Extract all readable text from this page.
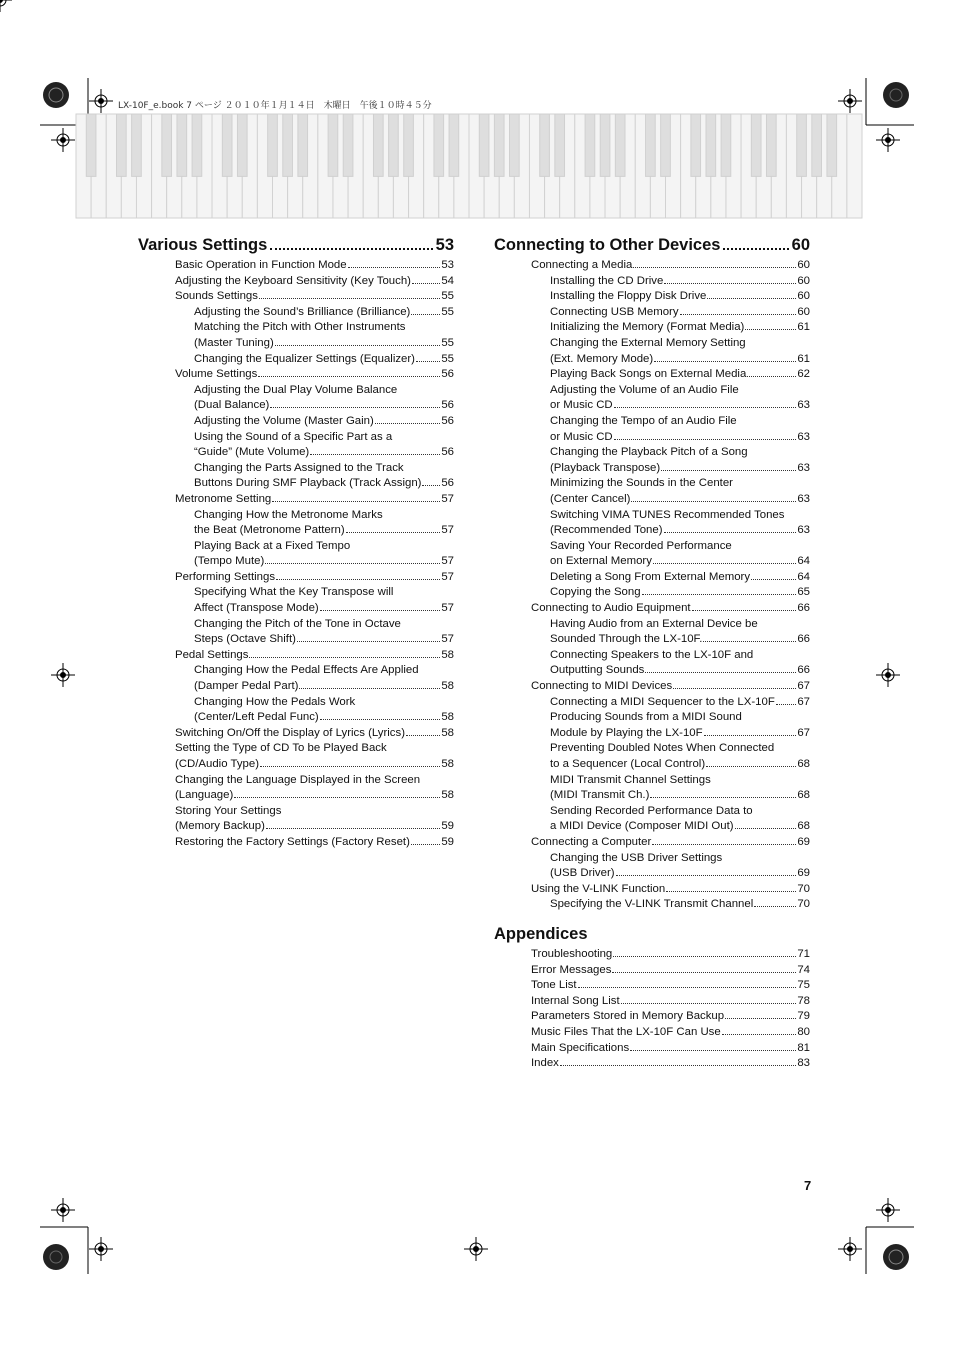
LX-10F_e.book 7 ページ ２０１０年１月１４日　木曜日　午後１０時４５分
Various Settings	53
Basic Operation in Function Mode	53
Adjusting the Keyboard Sensitivity (Key Touch)	54
Sounds Settings	55
Adjusting the Sound’s Brilliance (Brilliance)	55
Matching the Pitch with Other Instruments
(Master Tuning)	55
Changing the Equalizer Settings (Equalizer) 55
Volume Settings	56
Adjusting the Dual Play Volume Balance
(Dual Balance)	56
Adjusting the Volume (Master Gain)	56
Using the Sound of a Specific Part as a
“Guide” (Mute Volume)	56
Changing the Parts Assigned to the Track
Buttons During SMF Playback (Track Assign) 56
Metronome Setting	57
Changing How the Metronome Marks
the Beat (Metronome Pattern)	57
Playing Back at a Fixed Tempo
(Tempo Mute)	57
Performing Settings	57
Specifying What the Key Transpose will
Affect (Transpose Mode)	57
Changing the Pitch of the Tone in Octave
Steps (Octave Shift)	57
Pedal Settings	58
Changing How the Pedal Effects Are Applied
(Damper Pedal Part)	58
Changing How the Pedals Work
(Center/Left Pedal Func)	58
Switching On/Off the Display of Lyrics (Lyrics)	58
Setting the Type of CD To be Played Back
(CD/Audio Type)	58
Changing the Language Displayed in the Screen
(Language)	58
Storing Your Settings
(Memory Backup)	59
Restoring the Factory Settings (Factory Reset)	59
Connecting to Other Devices	60
Connecting a Media	60
Installing the CD Drive	60
Installing the Floppy Disk Drive	60
Connecting USB Memory	60
Initializing the Memory (Format Media)	61
Changing the External Memory Setting
(Ext. Memory Mode)	61
Playing Back Songs on External Media	62
Adjusting the Volume of an Audio File
or Music CD	63
Changing the Tempo of an Audio File
or Music CD	63
Changing the Playback Pitch of a Song
(Playback Transpose)	63
Minimizing the Sounds in the Center
(Center Cancel)	63
Switching VIMA TUNES Recommended Tones
(Recommended Tone)	63
Saving Your Recorded Performance
on External Memory	64
Deleting a Song From External Memory	64
Copying the Song	65
Connecting to Audio Equipment	66
Having Audio from an External Device be
Sounded Through the LX-10F.	66
Connecting Speakers to the LX-10F and
Outputting Sounds	66
Connecting to MIDI Devices	67
Connecting a MIDI Sequencer to the LX-10F 67
Producing Sounds from a MIDI Sound
Module by Playing the LX-10F	67
Preventing Doubled Notes When Connected
to a Sequencer (Local Control)	68
MIDI Transmit Channel Settings
(MIDI Transmit Ch.)	68
Sending Recorded Performance Data to
a MIDI Device (Composer MIDI Out)	68
Connecting a Computer	69
Changing the USB Driver Settings
(USB Driver)	69
Using the V-LINK Function	70
Specifying the V-LINK Transmit Channel	70
Appendices
Troubleshooting	71
Error Messages	74
Tone List	75
Internal Song List	78
Parameters Stored in Memory Backup	79
Music Files That the LX-10F Can Use	80
Main Specifications	81
Index	83
7
